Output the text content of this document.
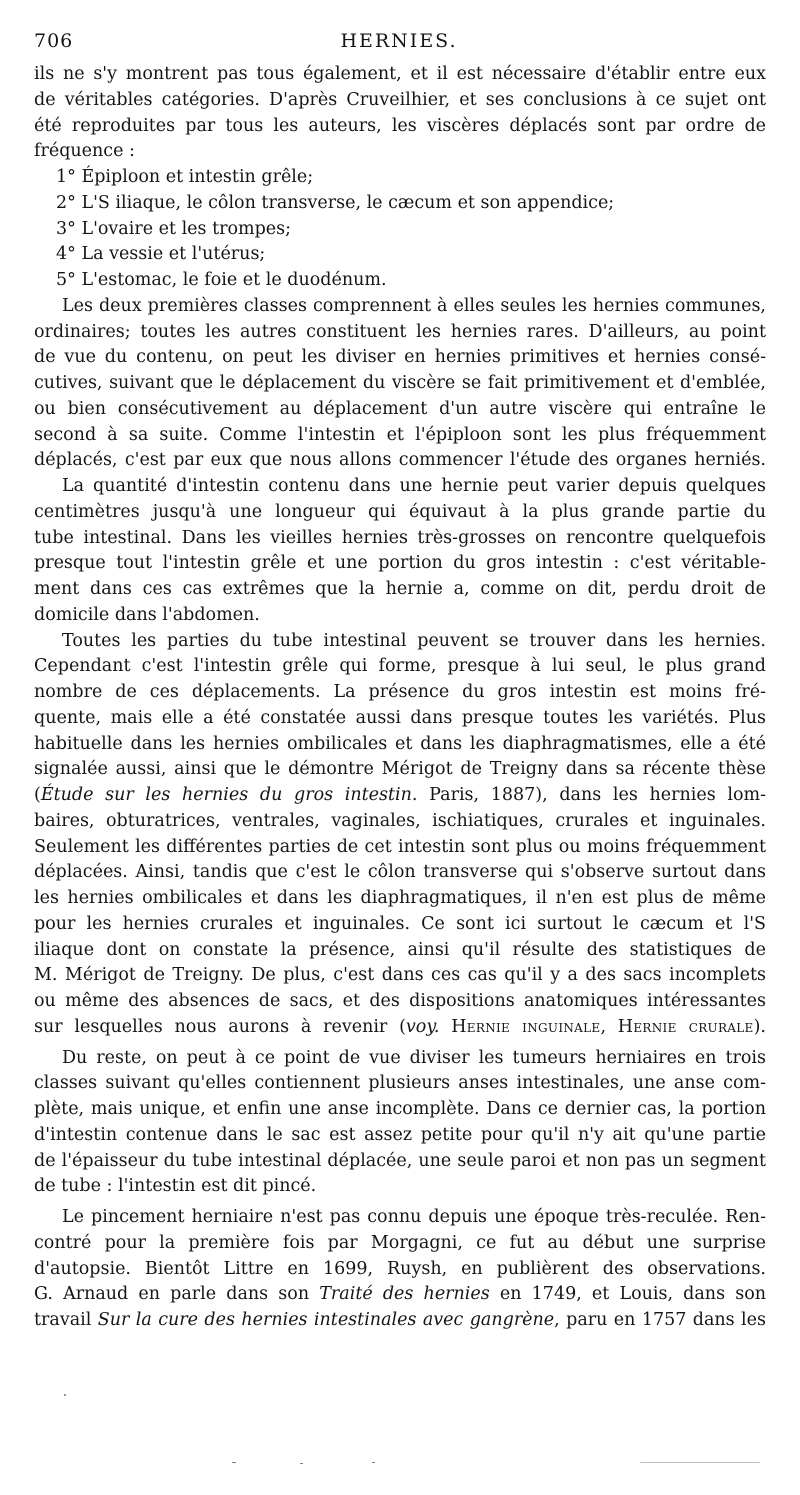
706	HERNIES.
ils ne s'y montrent pas tous également, et il est nécessaire d'établir entre eux
de véritables catégories. D'après Cruveilhier, et ses conclusions à ce sujet ont
été reproduites par tous les auteurs, les viscères déplacés sont par ordre de
fréquence :
1° Épiploon et intestin grêle;
2° L'S iliaque, le côlon transverse, le cæcum et son appendice;
3° L'ovaire et les trompes;
4° La vessie et l'utérus;
5° L'estomac, le foie et le duodénum.
Les deux premières classes comprennent à elles seules les hernies communes,
ordinaires; toutes les autres constituent les hernies rares. D'ailleurs, au point
de vue du contenu, on peut les diviser en hernies primitives et hernies consé-
cutives, suivant que le déplacement du viscère se fait primitivement et d'emblée,
ou bien consécutivement au déplacement d'un autre viscère qui entraîne le
second à sa suite. Comme l'intestin et l'épiploon sont les plus fréquemment
déplacés, c'est par eux que nous allons commencer l'étude des organes herniés.
La quantité d'intestin contenu dans une hernie peut varier depuis quelques
centimètres jusqu'à une longueur qui équivaut à la plus grande partie du
tube intestinal. Dans les vieilles hernies très-grosses on rencontre quelquefois
presque tout l'intestin grêle et une portion du gros intestin : c'est véritable-
ment dans ces cas extrêmes que la hernie a, comme on dit, perdu droit de
domicile dans l'abdomen.
Toutes les parties du tube intestinal peuvent se trouver dans les hernies.
Cependant c'est l'intestin grêle qui forme, presque à lui seul, le plus grand
nombre de ces déplacements. La présence du gros intestin est moins fré-
quente, mais elle a été constatée aussi dans presque toutes les variétés. Plus
habituelle dans les hernies ombilicales et dans les diaphragmatismes, elle a été
signalée aussi, ainsi que le démontre Mérigot de Treigny dans sa récente thèse
(Étude sur les hernies du gros intestin. Paris, 1887), dans les hernies lom-
baires, obturatrices, ventrales, vaginales, ischiatiques, crurales et inguinales.
Seulement les différentes parties de cet intestin sont plus ou moins fréquemment
déplacées. Ainsi, tandis que c'est le côlon transverse qui s'observe surtout dans
les hernies ombilicales et dans les diaphragmatiques, il n'en est plus de même
pour les hernies crurales et inguinales. Ce sont ici surtout le cæcum et l'S
iliaque dont on constate la présence, ainsi qu'il résulte des statistiques de
M. Mérigot de Treigny. De plus, c'est dans ces cas qu'il y a des sacs incomplets
ou même des absences de sacs, et des dispositions anatomiques intéressantes
sur lesquelles nous aurons à revenir (voy. Hernie inguinale, Hernie crurale).
Du reste, on peut à ce point de vue diviser les tumeurs herniaires en trois
classes suivant qu'elles contiennent plusieurs anses intestinales, une anse com-
plète, mais unique, et enfin une anse incomplète. Dans ce dernier cas, la portion
d'intestin contenue dans le sac est assez petite pour qu'il n'y ait qu'une partie
de l'épaisseur du tube intestinal déplacée, une seule paroi et non pas un segment
de tube : l'intestin est dit pincé.
Le pincement herniaire n'est pas connu depuis une époque très-reculée. Ren-
contré pour la première fois par Morgagni, ce fut au début une surprise
d'autopsie. Bientôt Littre en 1699, Ruysh, en publièrent des observations.
G. Arnaud en parle dans son Traité des hernies en 1749, et Louis, dans son
travail Sur la cure des hernies intestinales avec gangrène, paru en 1757 dans les
